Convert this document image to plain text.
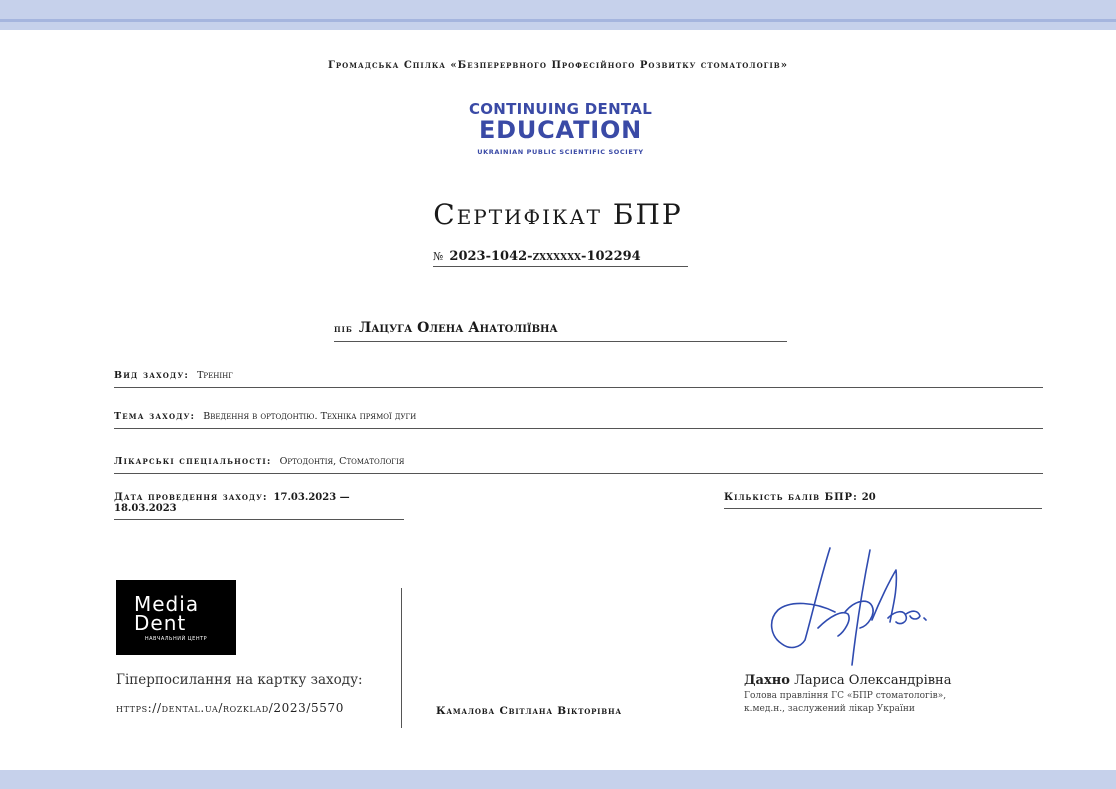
Громадська Спілка «Безперервного Професійного Розвитку стоматологів»
CONTINUING DENTAL
EDUCATION
UKRAINIAN PUBLIC SCIENTIFIC SOCIETY
Сертифікат БПР
№ 2023-1042-zxxxxxx-102294
піб Лацуга Олена Анатоліївна
Вид заходу: Тренінг
Тема заходу: Введення в ортодонтію. Техніка прямої дуги
Лікарські спеціальності: Ортодонтія, Стоматологія
Дата проведення заходу: 17.03.2023 — 18.03.2023
Кількість балів БПР: 20
Media
Dent
НАВЧАЛЬНИЙ ЦЕНТР
Гіперпосилання на картку заходу:
https://dental.ua/rozklad/2023/5570	Камалова Світлана Вікторівна
Дахно Лариса Олександрівна
Голова правління ГС «БПР стоматологів»,
к.мед.н., заслужений лікар України
